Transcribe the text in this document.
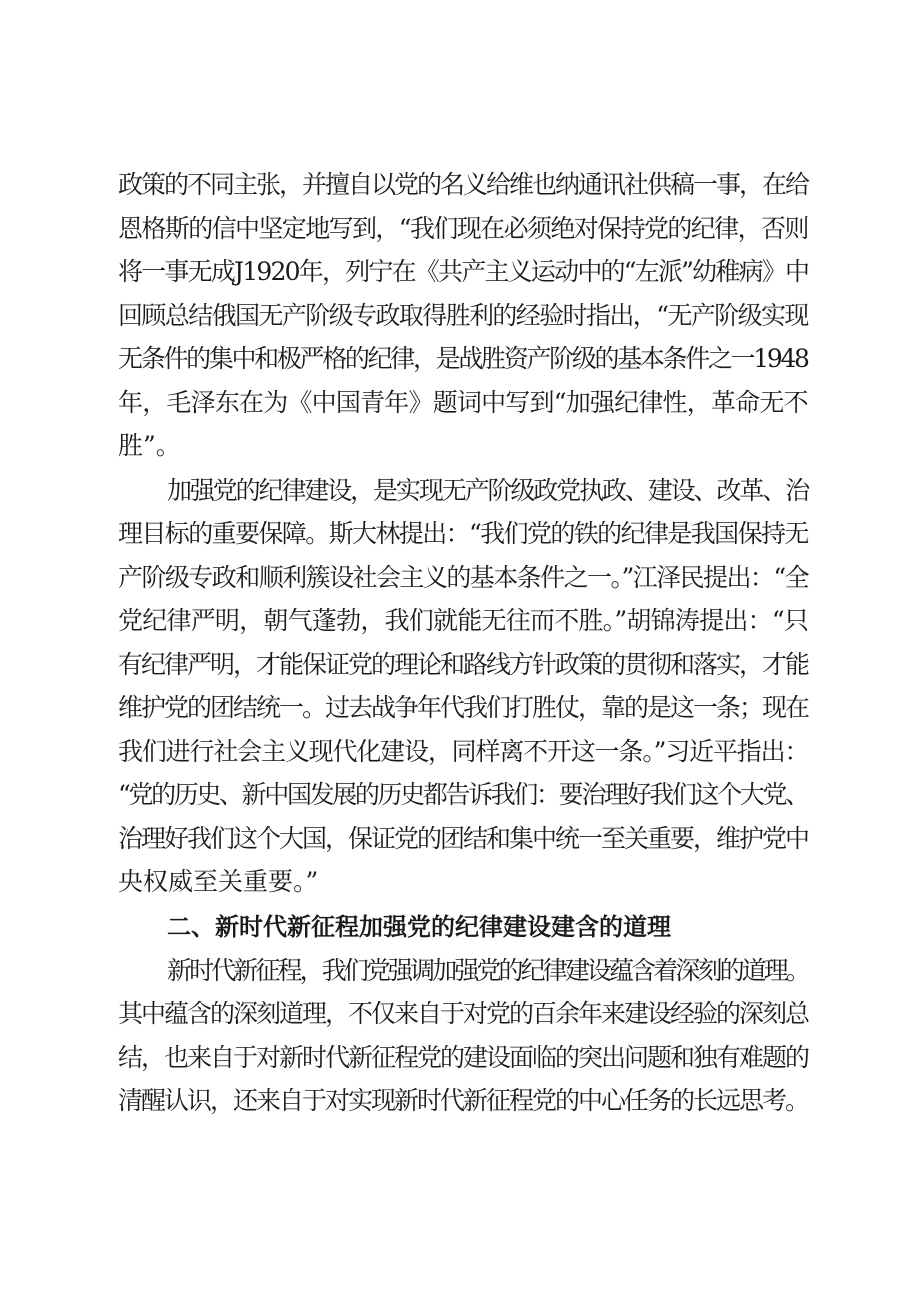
政策的不同主张，并擅自以党的名义给维也纳通讯社供稿一事，在给
恩格斯的信中坚定地写到，“我们现在必须绝对保持党的纪律，否则
将一事无成J1920年，列宁在《共产主义运动中的“左派”幼稚病》中
回顾总结俄国无产阶级专政取得胜利的经验时指出，“无产阶级实现
无条件的集中和极严格的纪律，是战胜资产阶级的基本条件之一1948
年，毛泽东在为《中国青年》题词中写到“加强纪律性，革命无不
胜”。
加强党的纪律建设，是实现无产阶级政党执政、建设、改革、治
理目标的重要保障。斯大林提出：“我们党的铁的纪律是我国保持无
产阶级专政和顺利簇设社会主义的基本条件之一。”江泽民提出：“全
党纪律严明，朝气蓬勃，我们就能无往而不胜。”胡锦涛提出：“只
有纪律严明，才能保证党的理论和路线方针政策的贯彻和落实，才能
维护党的团结统一。过去战争年代我们打胜仗，靠的是这一条；现在
我们进行社会主义现代化建设，同样离不开这一条。”习近平指出：
“党的历史、新中国发展的历史都告诉我们：要治理好我们这个大党、
治理好我们这个大国，保证党的团结和集中统一至关重要，维护党中
央权威至关重要。”
二、新时代新征程加强党的纪律建设建含的道理
新时代新征程，我们党强调加强党的纪律建设蕴含着深刻的道理。
其中蕴含的深刻道理，不仅来自于对党的百余年来建设经验的深刻总
结，也来自于对新时代新征程党的建设面临的突出问题和独有难题的
清醒认识，还来自于对实现新时代新征程党的中心任务的长远思考。
